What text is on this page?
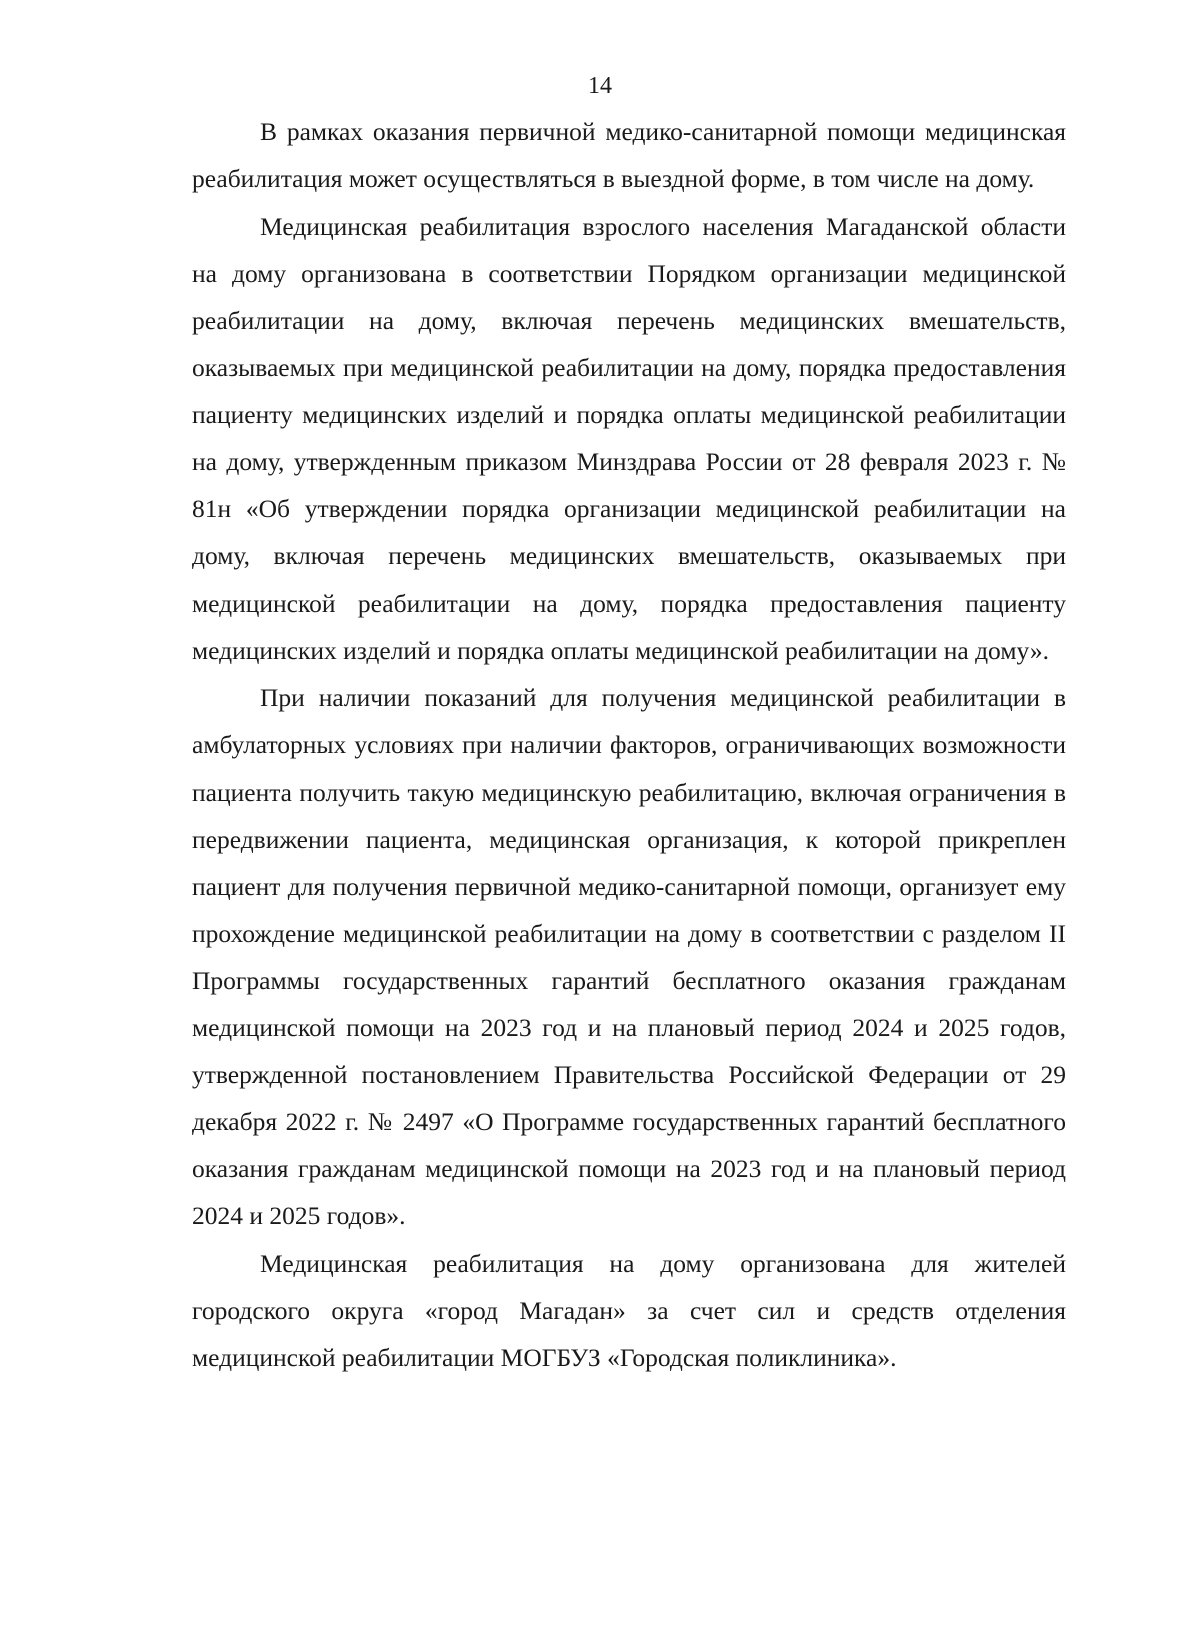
14

В рамках оказания первичной медико-санитарной помощи медицинская реабилитация может осуществляться в выездной форме, в том числе на дому.

Медицинская реабилитация взрослого населения Магаданской области на дому организована в соответствии Порядком организации медицинской реабилитации на дому, включая перечень медицинских вмешательств, оказываемых при медицинской реабилитации на дому, порядка предоставления пациенту медицинских изделий и порядка оплаты медицинской реабилитации на дому, утвержденным приказом Минздрава России от 28 февраля 2023 г. № 81н «Об утверждении порядка организации медицинской реабилитации на дому, включая перечень медицинских вмешательств, оказываемых при медицинской реабилитации на дому, порядка предоставления пациенту медицинских изделий и порядка оплаты медицинской реабилитации на дому».

При наличии показаний для получения медицинской реабилитации в амбулаторных условиях при наличии факторов, ограничивающих возможности пациента получить такую медицинскую реабилитацию, включая ограничения в передвижении пациента, медицинская организация, к которой прикреплен пациент для получения первичной медико-санитарной помощи, организует ему прохождение медицинской реабилитации на дому в соответствии с разделом II Программы государственных гарантий бесплатного оказания гражданам медицинской помощи на 2023 год и на плановый период 2024 и 2025 годов, утвержденной постановлением Правительства Российской Федерации от 29 декабря 2022 г. № 2497 «О Программе государственных гарантий бесплатного оказания гражданам медицинской помощи на 2023 год и на плановый период 2024 и 2025 годов».

Медицинская реабилитация на дому организована для жителей городского округа «город Магадан» за счет сил и средств отделения медицинской реабилитации МОГБУЗ «Городская поликлиника».
